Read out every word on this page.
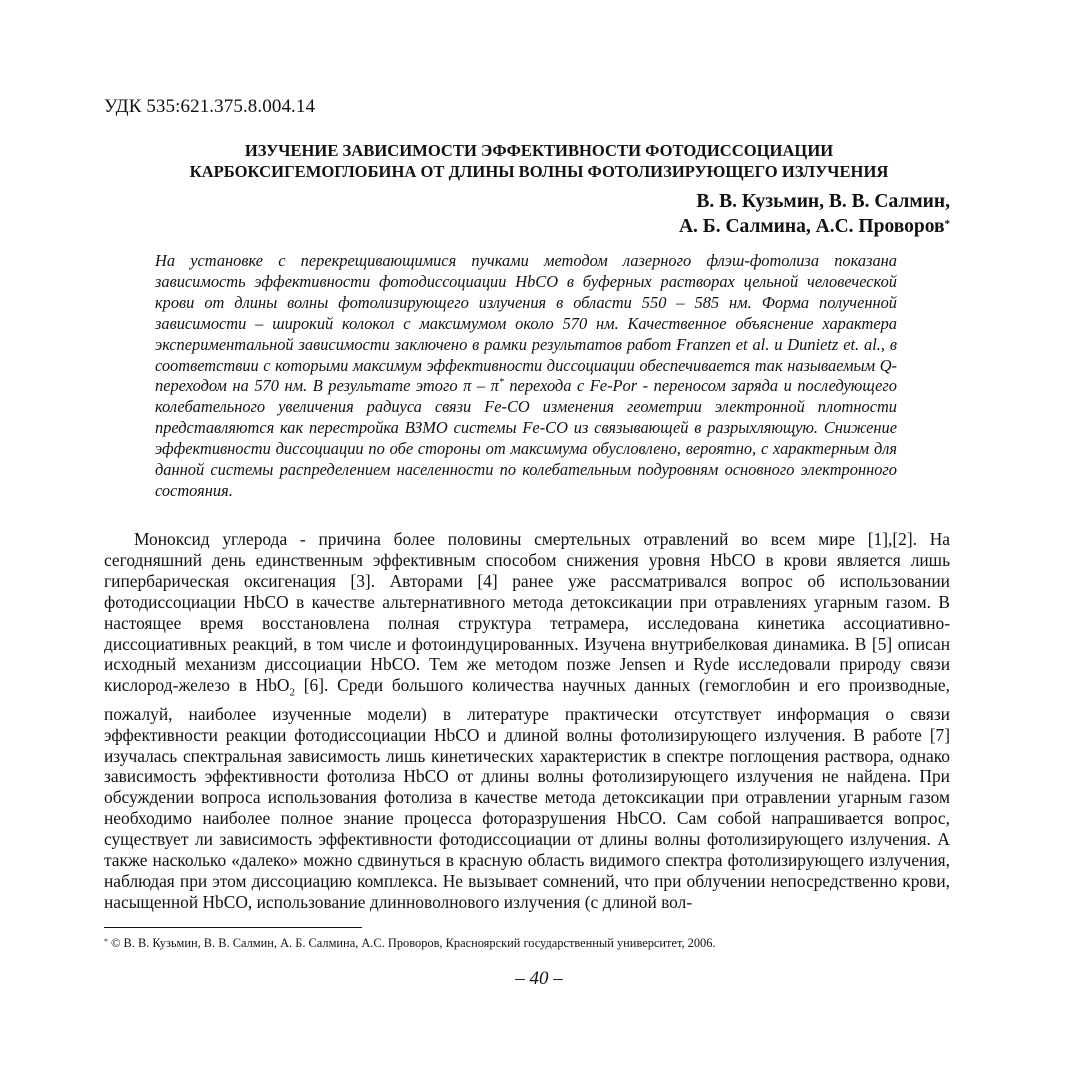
УДК 535:621.375.8.004.14
ИЗУЧЕНИЕ ЗАВИСИМОСТИ ЭФФЕКТИВНОСТИ ФОТОДИССОЦИАЦИИ
КАРБОКСИГЕМОГЛОБИНА ОТ ДЛИНЫ ВОЛНЫ ФОТОЛИЗИРУЮЩЕГО ИЗЛУЧЕНИЯ
В. В. Кузьмин, В. В. Салмин,
А. Б. Салмина, А.С. Проворов*
На установке с перекрещивающимися пучками методом лазерного флэш-фотолиза показана зависимость эффективности фотодиссоциации HbCO в буферных растворах цельной человеческой крови от длины волны фотолизирующего излучения в области 550 – 585 нм. Форма полученной зависимости – широкий колокол с максимумом около 570 нм. Качественное объяснение характера экспериментальной зависимости заключено в рамки результатов работ Franzen et al. и Dunietz et. al., в соответствии с которыми максимум эффективности диссоциации обеспечивается так называемым Q-переходом на 570 нм. В результате этого π – π* перехода с Fe-Por - переносом заряда и последующего колебательного увеличения радиуса связи Fe-CO изменения геометрии электронной плотности представляются как перестройка ВЗМО системы Fe-CO из связывающей в разрыхляющую. Снижение эффективности диссоциации по обе стороны от максимума обусловлено, вероятно, с характерным для данной системы распределением населенности по колебательным подуровням основного электронного состояния.
Моноксид углерода - причина более половины смертельных отравлений во всем мире [1],[2]. На сегодняшний день единственным эффективным способом снижения уровня HbCO в крови является лишь гипербарическая оксигенация [3]. Авторами [4] ранее уже рассматривался вопрос об использовании фотодиссоциации HbCO в качестве альтернативного метода детоксикации при отравлениях угарным газом. В настоящее время восстановлена полная структура тетрамера, исследована кинетика ассоциативно-диссоциативных реакций, в том числе и фотоиндуцированных. Изучена внутрибелковая динамика. В [5] описан исходный механизм диссоциации HbCO. Тем же методом позже Jensen и Ryde исследовали природу связи кислород-железо в HbO$_2$ [6]. Среди большого количества научных данных (гемоглобин и его производные, пожалуй, наиболее изученные модели) в литературе практически отсутствует информация о связи эффективности реакции фотодиссоциации HbCO и длиной волны фотолизирующего излучения. В работе [7] изучалась спектральная зависимость лишь кинетических характеристик в спектре поглощения раствора, однако зависимость эффективности фотолиза HbCO от длины волны фотолизирующего излучения не найдена. При обсуждении вопроса использования фотолиза в качестве метода детоксикации при отравлении угарным газом необходимо наиболее полное знание процесса фоторазрушения HbCO. Сам собой напрашивается вопрос, существует ли зависимость эффективности фотодиссоциации от длины волны фотолизирующего излучения. А также насколько «далеко» можно сдвинуться в красную область видимого спектра фотолизирующего излучения, наблюдая при этом диссоциацию комплекса. Не вызывает сомнений, что при облучении непосредственно крови, насыщенной HbCO, использование длинноволнового излучения (с длиной вол-
* © В. В. Кузьмин, В. В. Салмин, А. Б. Салмина, А.С. Проворов, Красноярский государственный университет, 2006.
– 40 –
